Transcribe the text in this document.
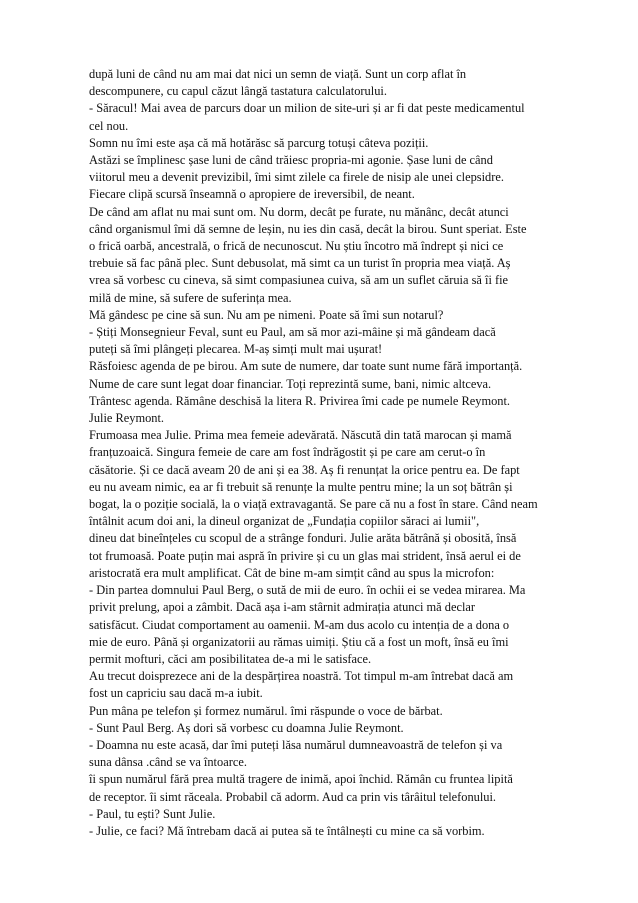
după luni de când nu am mai dat nici un semn de viață. Sunt un corp aflat în

descompunere, cu capul căzut lângă tastatura calculatorului.

- Săracul! Mai avea de parcurs doar un milion de site-uri și ar fi dat peste medicamentul

cel nou.

Somn nu îmi este așa că mă hotărăsc să parcurg totuși câteva poziții.

Astăzi se împlinesc șase luni de când trăiesc propria-mi agonie. Șase luni de când

viitorul meu a devenit previzibil, îmi simt zilele ca firele de nisip ale unei clepsidre.

Fiecare clipă scursă înseamnă o apropiere de ireversibil, de neant.

De când am aflat nu mai sunt om. Nu dorm, decât pe furate, nu mănânc, decât atunci

când organismul îmi dă semne de leșin, nu ies din casă, decât la birou. Sunt speriat. Este

o frică oarbă, ancestrală, o frică de necunoscut. Nu știu încotro mă îndrept și nici ce

trebuie să fac până plec. Sunt debusolat, mă simt ca un turist în propria mea viață. Aș

vrea să vorbesc cu cineva, să simt compasiunea cuiva, să am un suflet căruia să îi fie

milă de mine, să sufere de suferința mea.

Mă gândesc pe cine să sun. Nu am pe nimeni. Poate să îmi sun notarul?

- Știți Monsegnieur Feval, sunt eu Paul, am să mor azi-mâine și mă gândeam dacă

puteți să îmi plângeți plecarea. M-aș simți mult mai ușurat!

Răsfoiesc agenda de pe birou. Am sute de numere, dar toate sunt nume fără importanță.

Nume de care sunt legat doar financiar. Toți reprezintă sume, bani, nimic altceva.

Trântesc agenda. Rămâne deschisă la litera R. Privirea îmi cade pe numele Reymont.

Julie Reymont.

Frumoasa mea Julie. Prima mea femeie adevărată. Născută din tată marocan și mamă

franțuzoaică. Singura femeie de care am fost îndrăgostit și pe care am cerut-o în

căsătorie. Și ce dacă aveam 20 de ani și ea 38. Aș fi renunțat la orice pentru ea. De fapt

eu nu aveam nimic, ea ar fi trebuit să renunțe la multe pentru mine; la un soț bătrân și

bogat, la o poziție socială, la o viață extravagantă. Se pare că nu a fost în stare. Când neam

întâlnit acum doi ani, la dineul organizat de „Fundația copiilor săraci ai lumii",

dineu dat bineînțeles cu scopul de a strânge fonduri. Julie arăta bătrână și obosită, însă

tot frumoasă. Poate puțin mai aspră în privire și cu un glas mai strident, însă aerul ei de

aristocrată era mult amplificat. Cât de bine m-am simțit când au spus la microfon:

- Din partea domnului Paul Berg, o sută de mii de euro. în ochii ei se vedea mirarea. Ma

privit prelung, apoi a zâmbit. Dacă așa i-am stârnit admirația atunci mă declar

satisfăcut. Ciudat comportament au oamenii. M-am dus acolo cu intenția de a dona o

mie de euro. Până și organizatorii au rămas uimiți. Știu că a fost un moft, însă eu îmi

permit mofturi, căci am posibilitatea de-a mi le satisface.

Au trecut doisprezece ani de la despărțirea noastră. Tot timpul m-am întrebat dacă am

fost un capriciu sau dacă m-a iubit.

Pun mâna pe telefon și formez numărul. îmi răspunde o voce de bărbat.

- Sunt Paul Berg. Aș dori să vorbesc cu doamna Julie Reymont.

- Doamna nu este acasă, dar îmi puteți lăsa numărul dumneavoastră de telefon și va

suna dânsa .când se va întoarce.

îi spun numărul fără prea multă tragere de inimă, apoi închid. Rămân cu fruntea lipită

de receptor. îi simt răceala. Probabil că adorm. Aud ca prin vis târâitul telefonului.

- Paul, tu ești? Sunt Julie.

- Julie, ce faci? Mă întrebam dacă ai putea să te întâlnești cu mine ca să vorbim.
